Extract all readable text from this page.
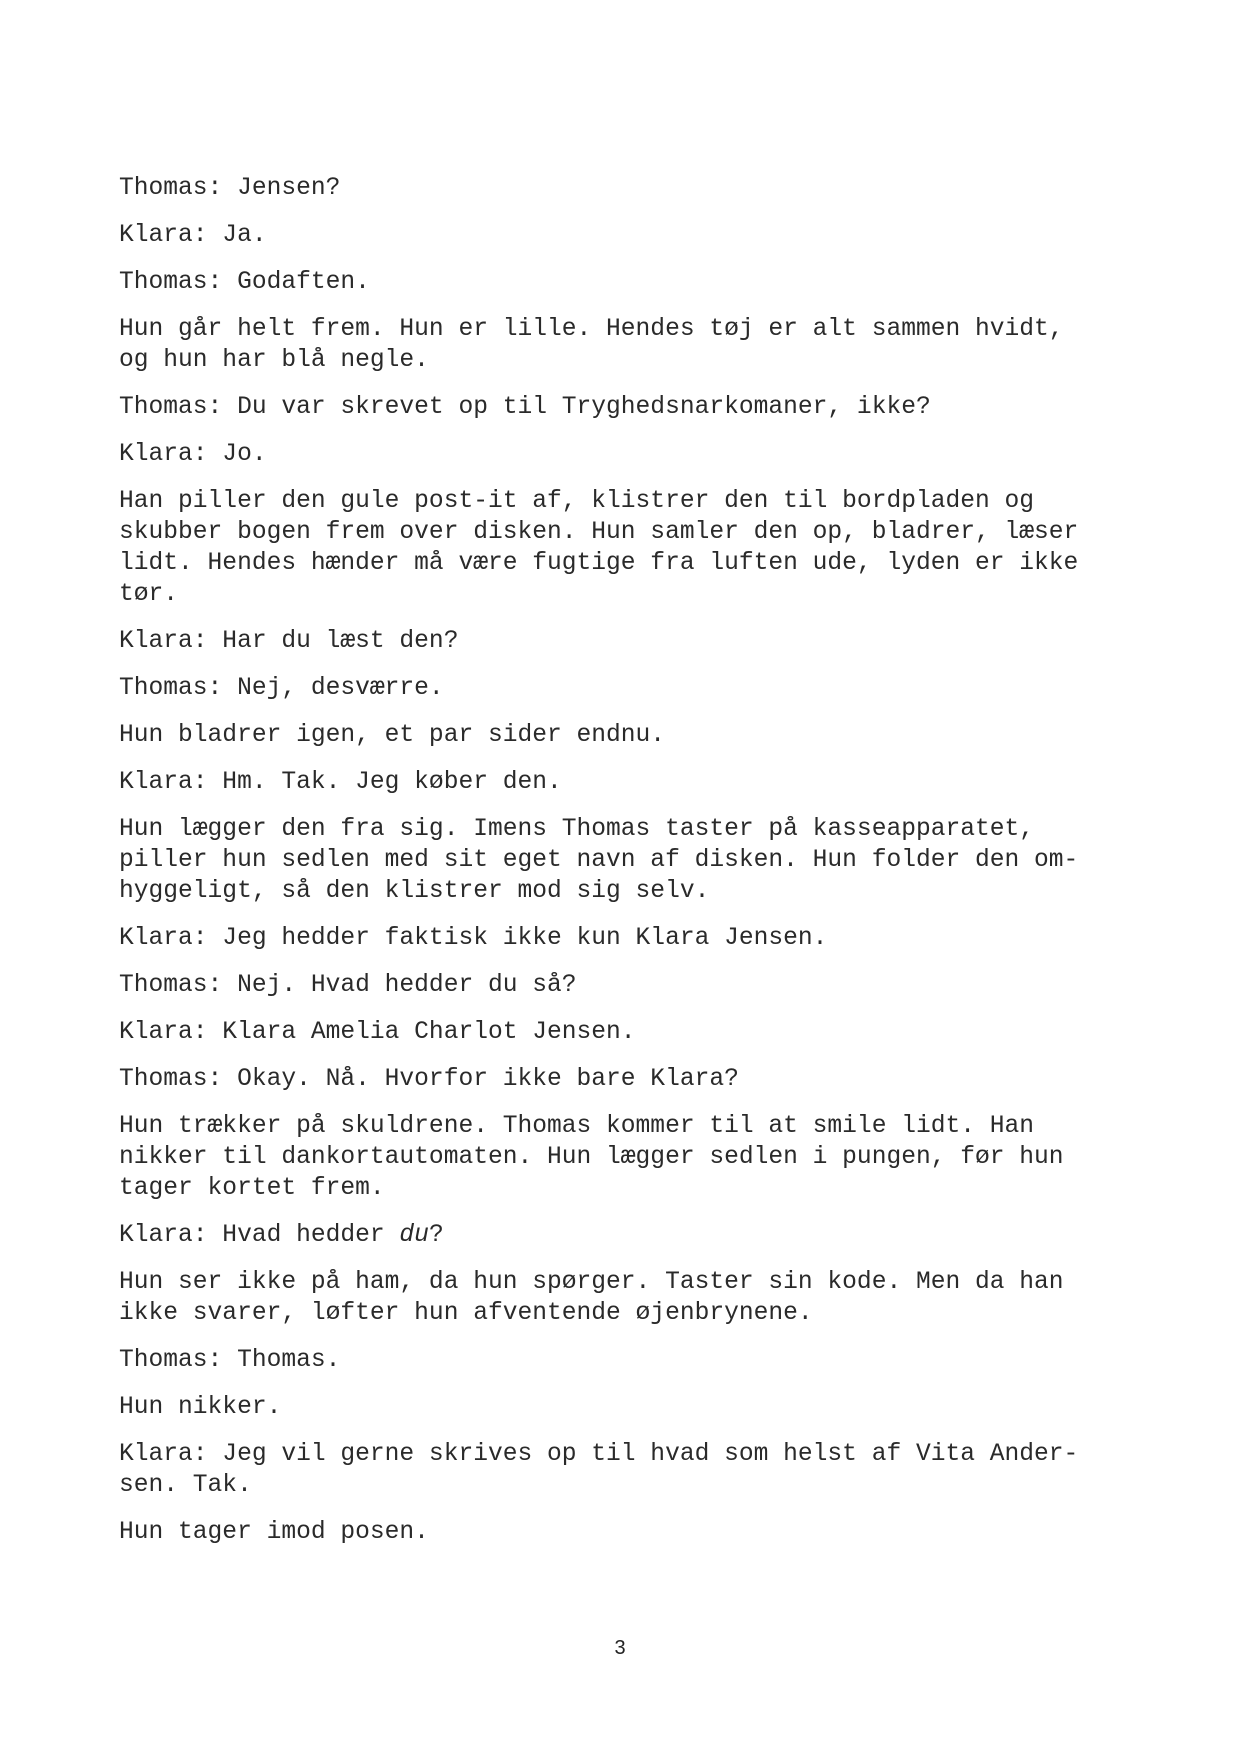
Thomas: Jensen?

Klara: Ja.

Thomas: Godaften.

Hun går helt frem. Hun er lille. Hendes tøj er alt sammen hvidt,
og hun har blå negle.

Thomas: Du var skrevet op til Tryghedsnarkomaner, ikke?

Klara: Jo.

Han piller den gule post-it af, klistrer den til bordpladen og
skubber bogen frem over disken. Hun samler den op, bladrer, læser
lidt. Hendes hænder må være fugtige fra luften ude, lyden er ikke
tør.

Klara: Har du læst den?

Thomas: Nej, desværre.

Hun bladrer igen, et par sider endnu.

Klara: Hm. Tak. Jeg køber den.

Hun lægger den fra sig. Imens Thomas taster på kasseapparatet,
piller hun sedlen med sit eget navn af disken. Hun folder den om-
hyggeligt, så den klistrer mod sig selv.

Klara: Jeg hedder faktisk ikke kun Klara Jensen.

Thomas: Nej. Hvad hedder du så?

Klara: Klara Amelia Charlot Jensen.

Thomas: Okay. Nå. Hvorfor ikke bare Klara?

Hun trækker på skuldrene. Thomas kommer til at smile lidt. Han
nikker til dankortautomaten. Hun lægger sedlen i pungen, før hun
tager kortet frem.

Klara: Hvad hedder du?

Hun ser ikke på ham, da hun spørger. Taster sin kode. Men da han
ikke svarer, løfter hun afventende øjenbrynene.

Thomas: Thomas.

Hun nikker.

Klara: Jeg vil gerne skrives op til hvad som helst af Vita Ander-
sen. Tak.

Hun tager imod posen.

3
